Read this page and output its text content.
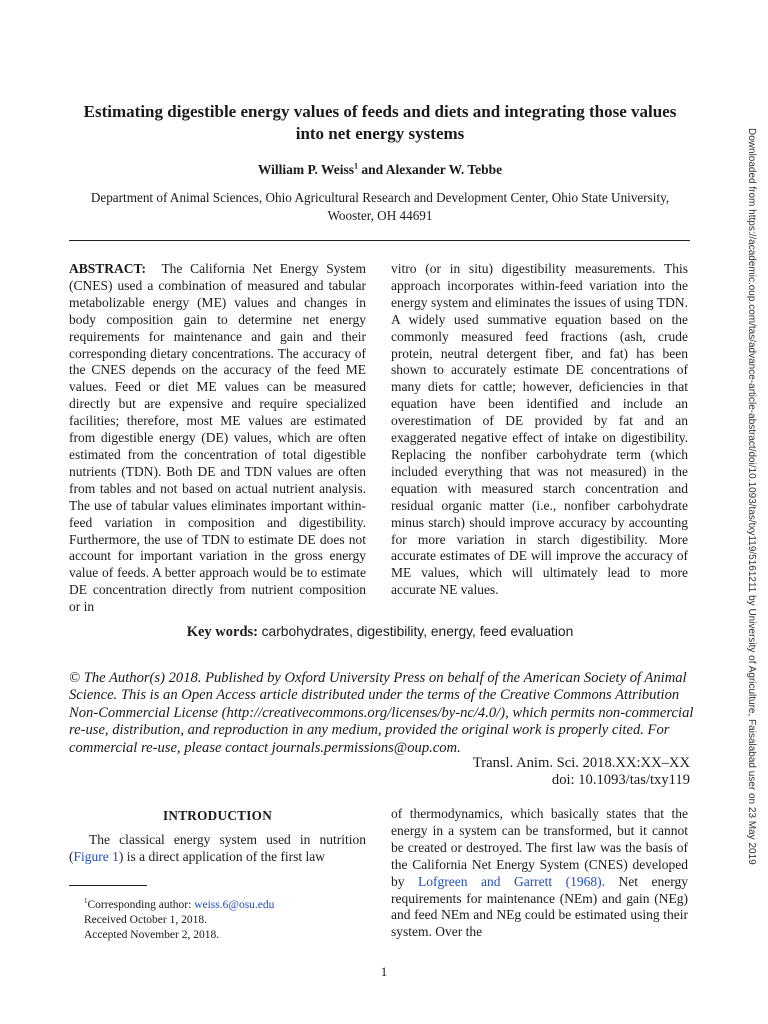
Estimating digestible energy values of feeds and diets and integrating those values into net energy systems
William P. Weiss$^1$ and Alexander W. Tebbe
Department of Animal Sciences, Ohio Agricultural Research and Development Center, Ohio State University, Wooster, OH 44691
ABSTRACT: The California Net Energy System (CNES) used a combination of measured and tabular metabolizable energy (ME) values and changes in body composition gain to determine net energy requirements for maintenance and gain and their corresponding dietary concentrations. The accuracy of the CNES depends on the accuracy of the feed ME values. Feed or diet ME values can be measured directly but are expensive and require specialized facilities; therefore, most ME values are estimated from digestible energy (DE) values, which are often estimated from the concentration of total digestible nutrients (TDN). Both DE and TDN values are often from tables and not based on actual nutrient analysis. The use of tabular values eliminates important within-feed variation in composition and digestibility. Furthermore, the use of TDN to estimate DE does not account for important variation in the gross energy value of feeds. A better approach would be to estimate DE concentration directly from nutrient composition or in
vitro (or in situ) digestibility measurements. This approach incorporates within-feed variation into the energy system and eliminates the issues of using TDN. A widely used summative equation based on the commonly measured feed fractions (ash, crude protein, neutral detergent fiber, and fat) has been shown to accurately estimate DE concentrations of many diets for cattle; however, deficiencies in that equation have been identified and include an overestimation of DE provided by fat and an exaggerated negative effect of intake on digestibility. Replacing the nonfiber carbohydrate term (which included everything that was not measured) in the equation with measured starch concentration and residual organic matter (i.e., nonfiber carbohydrate minus starch) should improve accuracy by accounting for more variation in starch digestibility. More accurate estimates of DE will improve the accuracy of ME values, which will ultimately lead to more accurate NE values.
Key words: carbohydrates, digestibility, energy, feed evaluation
© The Author(s) 2018. Published by Oxford University Press on behalf of the American Society of Animal Science. This is an Open Access article distributed under the terms of the Creative Commons Attribution Non-Commercial License (http://creativecommons.org/licenses/by-nc/4.0/), which permits non-commercial re-use, distribution, and reproduction in any medium, provided the original work is properly cited. For commercial re-use, please contact journals.permissions@oup.com.
Transl. Anim. Sci. 2018.XX:XX–XX
doi: 10.1093/tas/txy119
INTRODUCTION
The classical energy system used in nutrition (Figure 1) is a direct application of the first law
of thermodynamics, which basically states that the energy in a system can be transformed, but it cannot be created or destroyed. The first law was the basis of the California Net Energy System (CNES) developed by Lofgreen and Garrett (1968). Net energy requirements for maintenance (NEm) and gain (NEg) and feed NEm and NEg could be estimated using their system. Over the
$^1$Corresponding author: weiss.6@osu.edu
Received October 1, 2018.
Accepted November 2, 2018.
1
Downloaded from https://academic.oup.com/tas/advance-article-abstract/doi/10.1093/tas/txy119/5161211 by University of Agriculture, Faisalabad user on 23 May 2019
